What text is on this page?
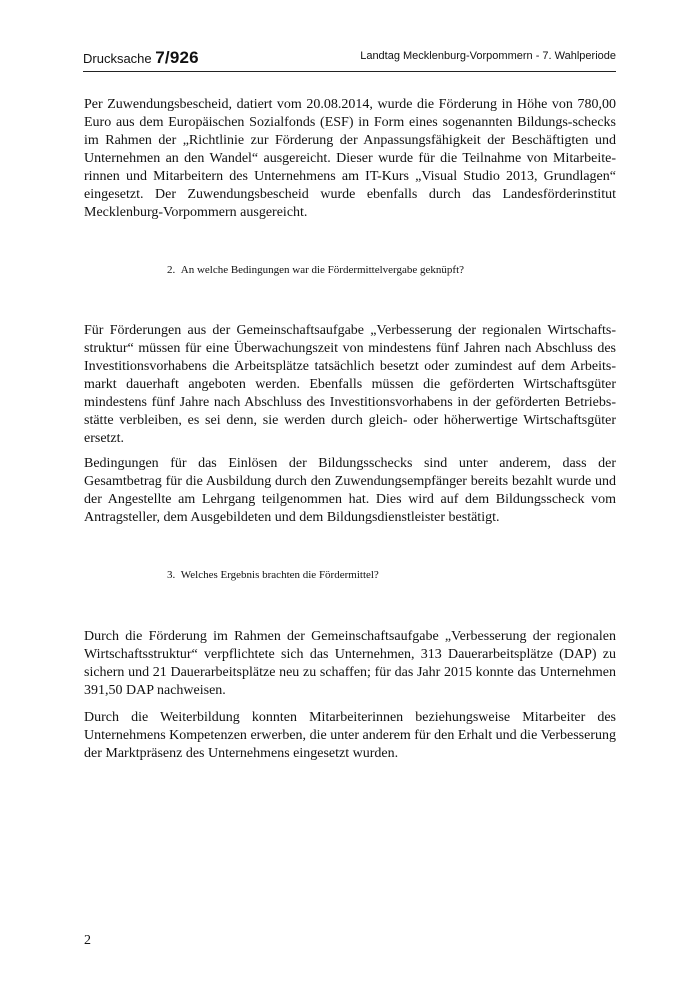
Drucksache 7/926	Landtag Mecklenburg-Vorpommern - 7. Wahlperiode

Per Zuwendungsbescheid, datiert vom 20.08.2014, wurde die Förderung in Höhe von 780,00 Euro aus dem Europäischen Sozialfonds (ESF) in Form eines sogenannten Bildungs-schecks im Rahmen der „Richtlinie zur Förderung der Anpassungsfähigkeit der Beschäftigten und Unternehmen an den Wandel“ ausgereicht. Dieser wurde für die Teilnahme von Mitarbeite-rinnen und Mitarbeitern des Unternehmens am IT-Kurs „Visual Studio 2013, Grundlagen“ eingesetzt. Der Zuwendungsbescheid wurde ebenfalls durch das Landesförderinstitut Mecklenburg-Vorpommern ausgereicht.

2.  An welche Bedingungen war die Fördermittelvergabe geknüpft?

Für Förderungen aus der Gemeinschaftsaufgabe „Verbesserung der regionalen Wirtschafts-struktur“ müssen für eine Überwachungszeit von mindestens fünf Jahren nach Abschluss des Investitionsvorhabens die Arbeitsplätze tatsächlich besetzt oder zumindest auf dem Arbeits-markt dauerhaft angeboten werden. Ebenfalls müssen die geförderten Wirtschaftsgüter mindestens fünf Jahre nach Abschluss des Investitionsvorhabens in der geförderten Betriebs-stätte verbleiben, es sei denn, sie werden durch gleich- oder höherwertige Wirtschaftsgüter ersetzt.

Bedingungen für das Einlösen der Bildungsschecks sind unter anderem, dass der Gesamtbetrag für die Ausbildung durch den Zuwendungsempfänger bereits bezahlt wurde und der Angestellte am Lehrgang teilgenommen hat. Dies wird auf dem Bildungsscheck vom Antragsteller, dem Ausgebildeten und dem Bildungsdienstleister bestätigt.

3.  Welches Ergebnis brachten die Fördermittel?

Durch die Förderung im Rahmen der Gemeinschaftsaufgabe „Verbesserung der regionalen Wirtschaftsstruktur“ verpflichtete sich das Unternehmen, 313 Dauerarbeitsplätze (DAP) zu sichern und 21 Dauerarbeitsplätze neu zu schaffen; für das Jahr 2015 konnte das Unternehmen 391,50 DAP nachweisen.

Durch die Weiterbildung konnten Mitarbeiterinnen beziehungsweise Mitarbeiter des Unternehmens Kompetenzen erwerben, die unter anderem für den Erhalt und die Verbesserung der Marktpräsenz des Unternehmens eingesetzt wurden.

2
